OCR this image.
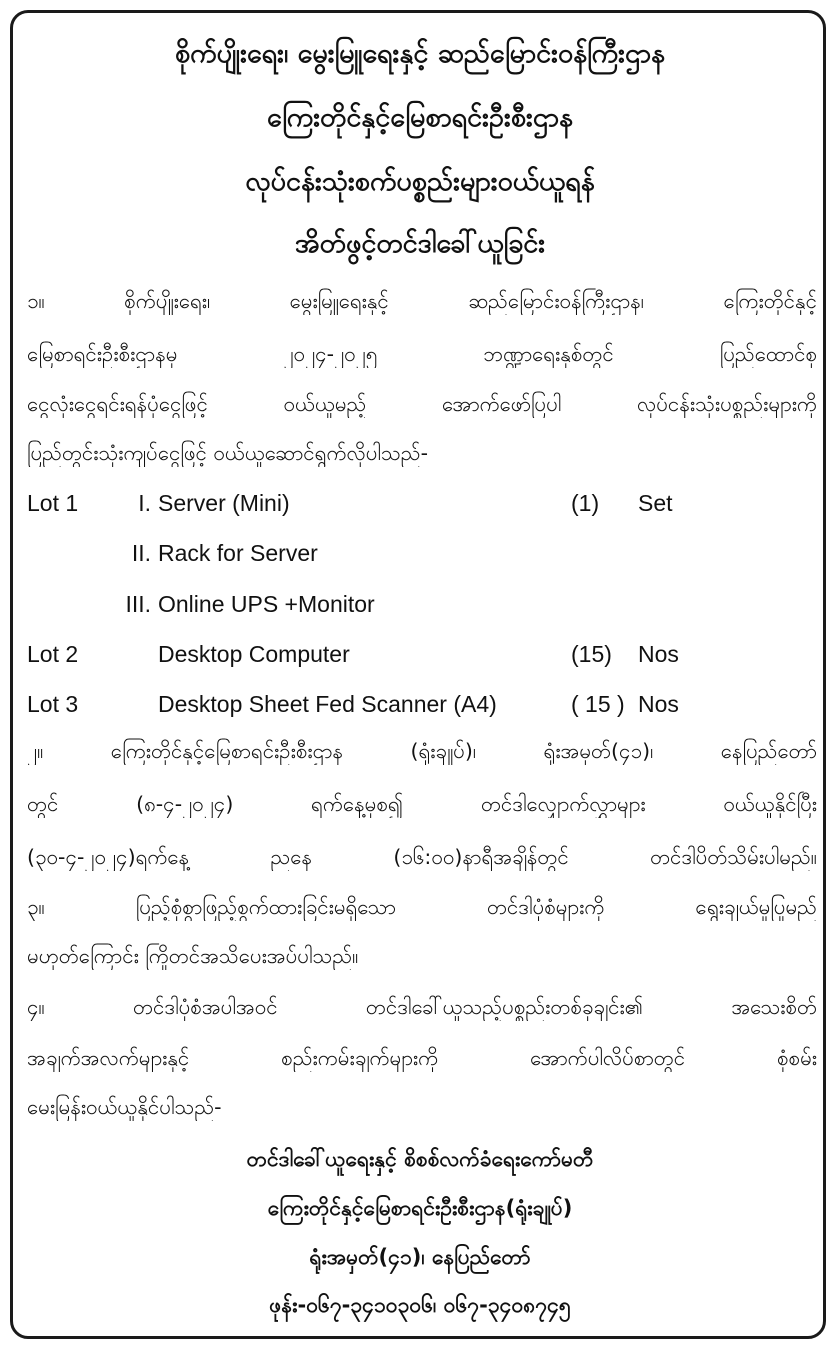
စိုက်ပျိုးရေး၊ မွေးမြူရေးနှင့် ဆည်မြောင်းဝန်ကြီးဌာန
ကြေးတိုင်နှင့်မြေစာရင်းဦးစီးဌာန
လုပ်ငန်းသုံးစက်ပစ္စည်းများဝယ်ယူရန်
အိတ်ဖွင့်တင်ဒါခေါ်ယူခြင်း
၁။ စိုက်ပျိုးရေး၊ မွေးမြူရေးနှင့် ဆည်မြောင်းဝန်ကြီးဌာန၊ ကြေးတိုင်နှင့်
မြေစာရင်းဦးစီးဌာနမှ ၂၀၂၄-၂၀၂၅ ဘဏ္ဍာရေးနှစ်တွင် ပြည်ထောင်စု
ငွေလုံးငွေရင်းရန်ပုံငွေဖြင့် ဝယ်ယူမည့် အောက်ဖော်ပြပါ လုပ်ငန်းသုံးပစ္စည်းများကို
ပြည်တွင်းသုံးကျပ်ငွေဖြင့် ဝယ်ယူဆောင်ရွက်လိုပါသည်-
Lot 1	I. Server (Mini)	(1) Set
II. Rack for Server
III. Online UPS +Monitor
Lot 2	Desktop Computer	(15) Nos
Lot 3	Desktop Sheet Fed Scanner (A4)	( 15 ) Nos
၂။ ကြေးတိုင်နှင့်မြေစာရင်းဦးစီးဌာန (ရုံးချုပ်)၊ ရုံးအမှတ်(၄၁)၊ နေပြည်တော်
တွင် (၈-၄-၂၀၂၄) ရက်နေ့မှစ၍ တင်ဒါလျှောက်လွှာများ ဝယ်ယူနိုင်ပြီး
(၃၀-၄-၂၀၂၄)ရက်နေ့ ညနေ (၁၆:၀၀)နာရီအချိန်တွင် တင်ဒါပိတ်သိမ်းပါမည်။
၃။ ပြည့်စုံစွာဖြည့်စွက်ထားခြင်းမရှိသော တင်ဒါပုံစံများကို ရွေးချယ်မှုပြုမည်
မဟုတ်ကြောင်း ကြိုတင်အသိပေးအပ်ပါသည်။
၄။ တင်ဒါပုံစံအပါအဝင် တင်ဒါခေါ်ယူသည့်ပစ္စည်းတစ်ခုချင်း၏ အသေးစိတ်
အချက်အလက်များနှင့် စည်းကမ်းချက်များကို အောက်ပါလိပ်စာတွင် စုံစမ်း
မေးမြန်းဝယ်ယူနိုင်ပါသည်-
တင်ဒါခေါ်ယူရေးနှင့် စိစစ်လက်ခံရေးကော်မတီ
ကြေးတိုင်နှင့်မြေစာရင်းဦးစီးဌာန(ရုံးချုပ်)
ရုံးအမှတ်(၄၁)၊ နေပြည်တော်
ဖုန်း-၀၆၇-၃၄၁၀၃၀၆၊ ၀၆၇-၃၄၀၈၇၄၅
